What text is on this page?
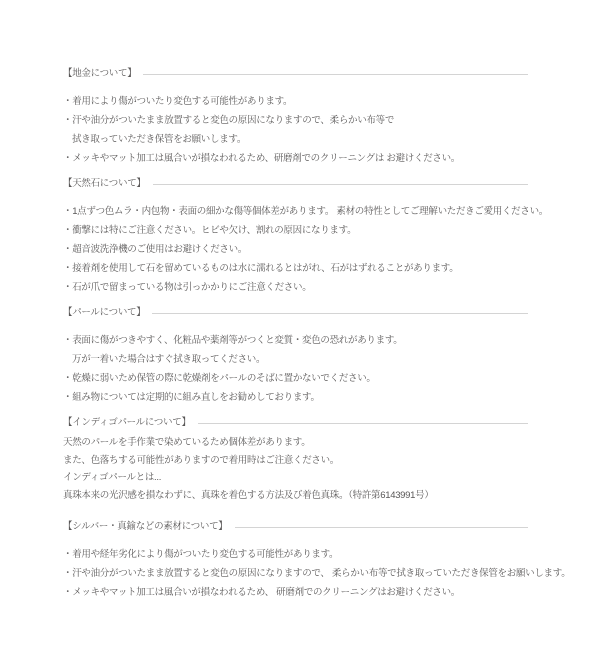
【地金について】

・着用により傷がついたり変色する可能性があります。

・汗や油分がついたまま放置すると変色の原因になりますので、柔らかい布等で

拭き取っていただき保管をお願いします。

・メッキやマット加工は風合いが損なわれるため、研磨剤でのクリーニングは お避けください。

【天然石について】

・1点ずつ色ムラ・内包物・表面の細かな傷等個体差があります。 素材の特性としてご理解いただきご愛用ください。

・衝撃には特にご注意ください。ヒビや欠け、割れの原因になります。

・超音波洗浄機のご使用はお避けください。

・接着剤を使用して石を留めているものは水に濡れるとはがれ、石がはずれることがあります。

・石が爪で留まっている物は引っかかりにご注意ください。

【パールについて】

・表面に傷がつきやすく、化粧品や薬剤等がつくと変質・変色の恐れがあります。

万が一着いた場合はすぐ拭き取ってください。

・乾燥に弱いため保管の際に乾燥剤をパールのそばに置かないでください。

・組み物については定期的に組み直しをお勧めしております。

【インディゴパールについて】

天然のパールを手作業で染めているため個体差があります。

また、色落ちする可能性がありますので着用時はご注意ください。

インディゴパールとは...

真珠本来の光沢感を損なわずに、真珠を着色する方法及び着色真珠。（特許第6143991号）

【シルバー・真鍮などの素材について】

・着用や経年劣化により傷がついたり変色する可能性があります。

・汗や油分がついたまま放置すると変色の原因になりますので、 柔らかい布等で拭き取っていただき保管をお願いします。

・メッキやマット加工は風合いが損なわれるため、 研磨剤でのクリーニングはお避けください。
